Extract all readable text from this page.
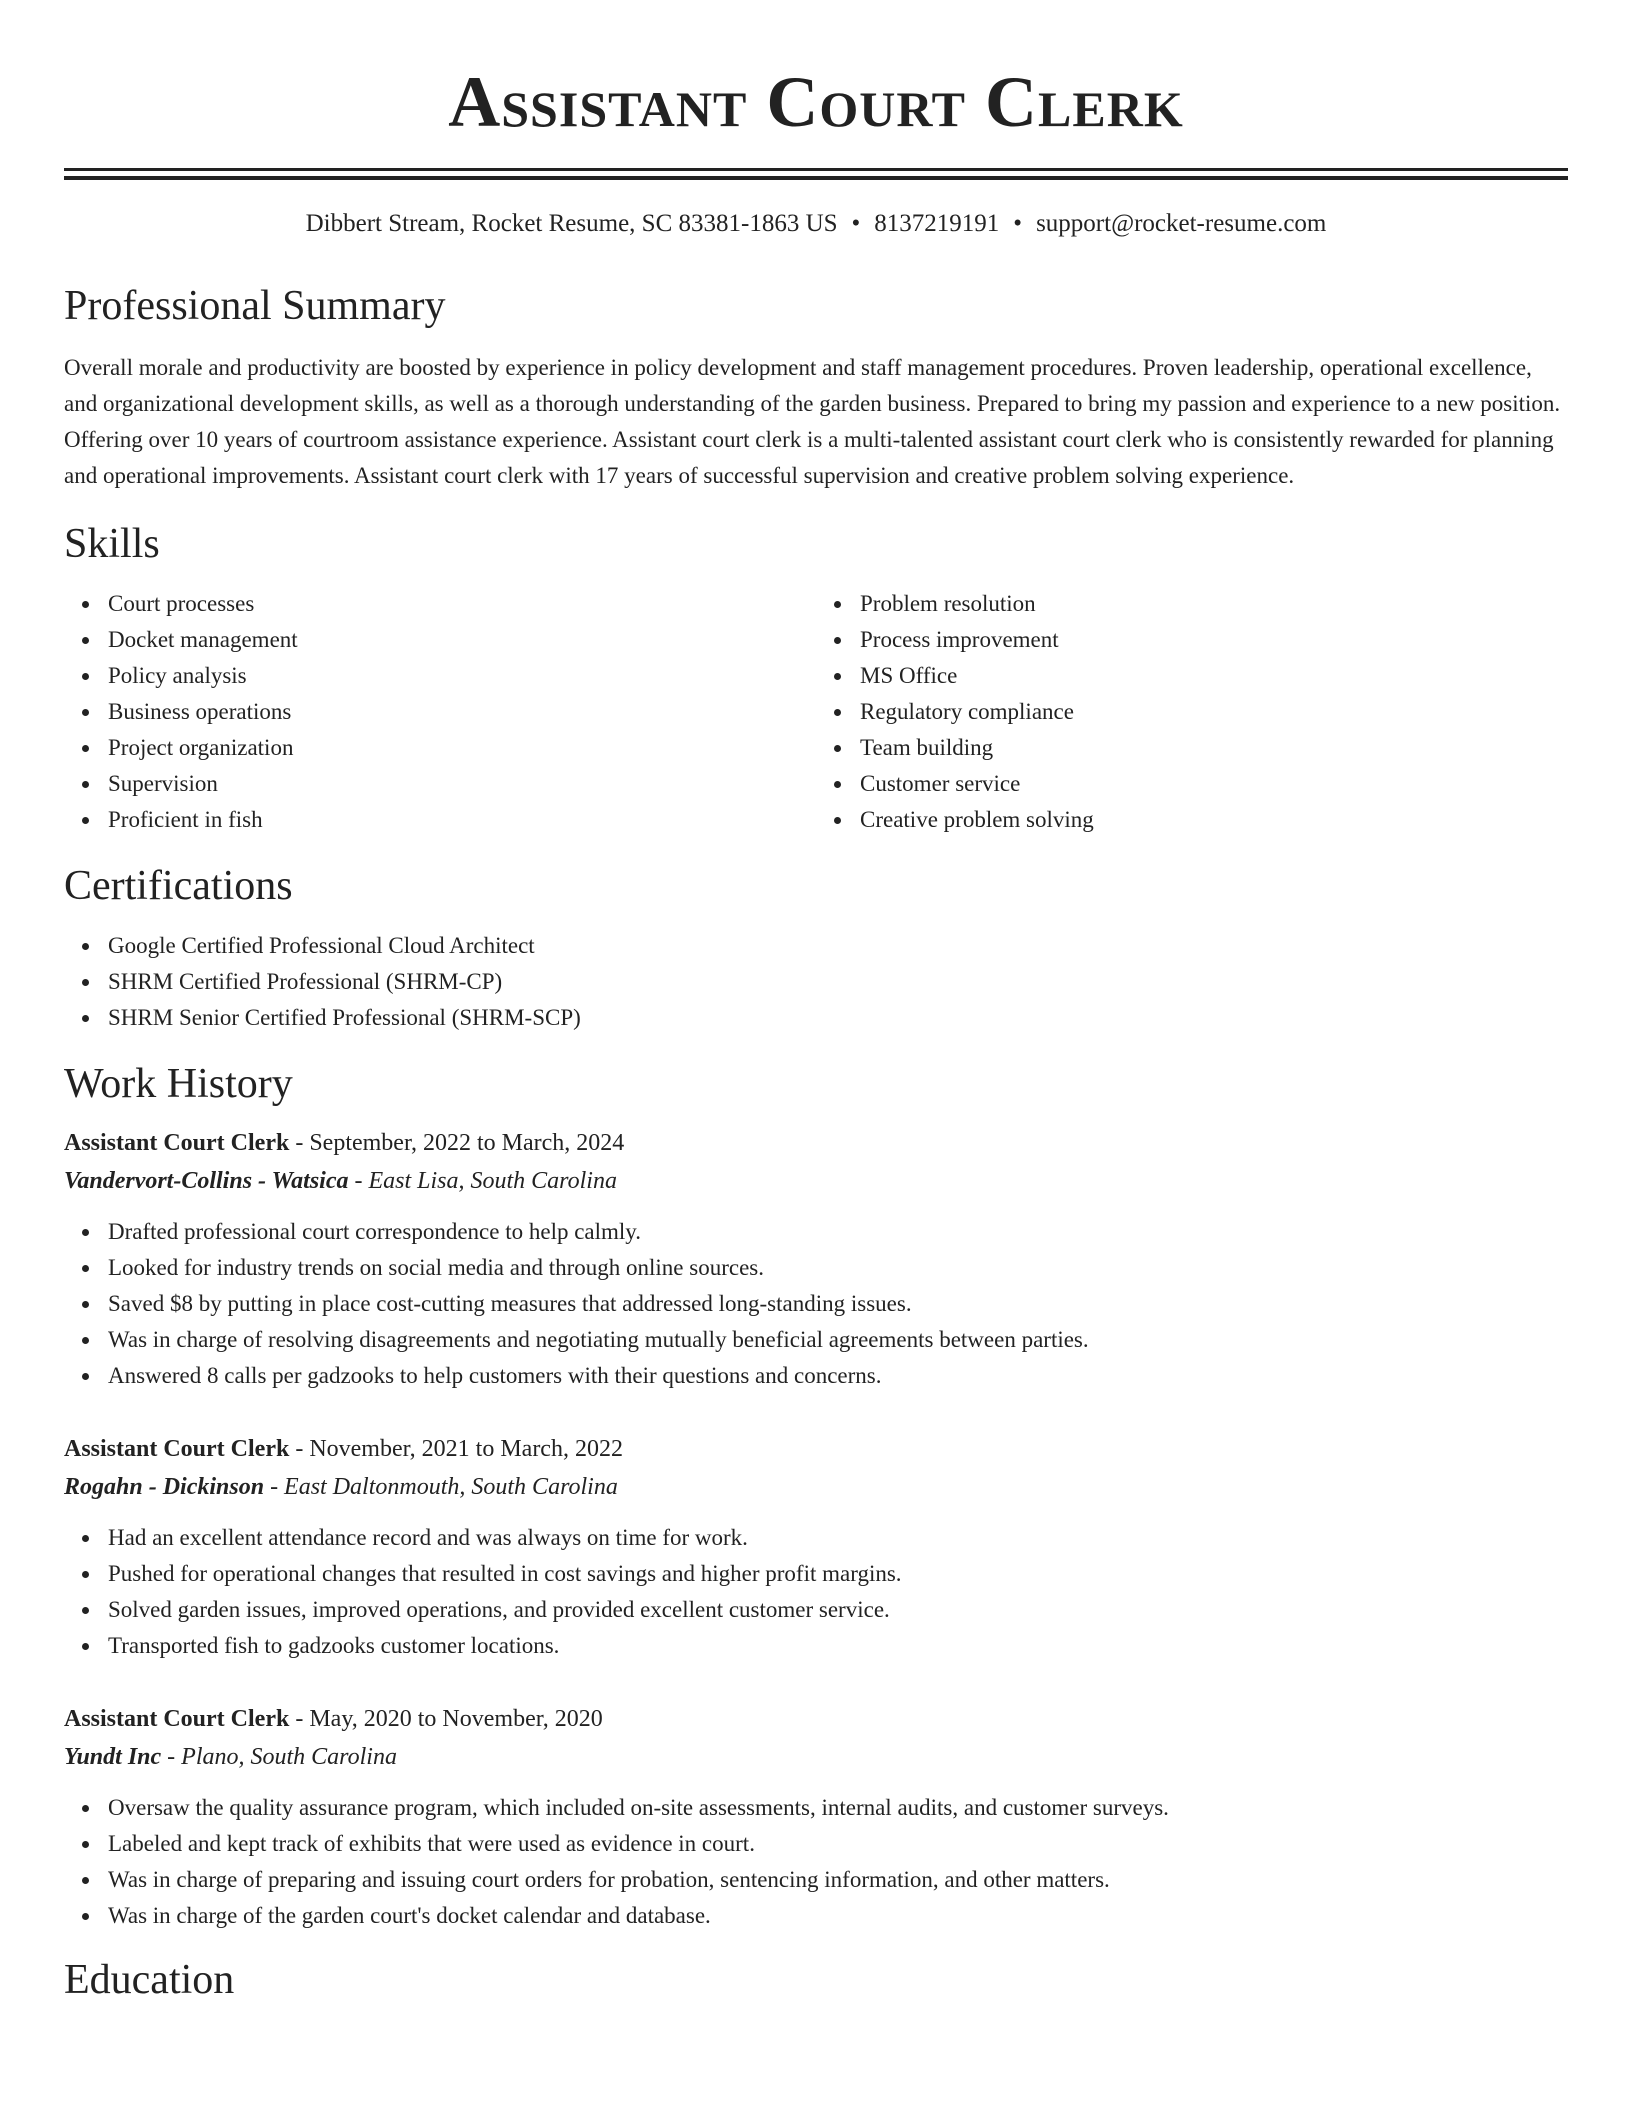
Assistant Court Clerk
Dibbert Stream, Rocket Resume, SC 83381-1863 US • 8137219191 • support@rocket-resume.com
Professional Summary

Overall morale and productivity are boosted by experience in policy development and staff management procedures. Proven leadership, operational excellence, and organizational development skills, as well as a thorough understanding of the garden business. Prepared to bring my passion and experience to a new position. Offering over 10 years of courtroom assistance experience. Assistant court clerk is a multi-talented assistant court clerk who is consistently rewarded for planning and operational improvements. Assistant court clerk with 17 years of successful supervision and creative problem solving experience.

Skills
Court processes
Docket management
Policy analysis
Business operations
Project organization
Supervision
Proficient in fish
Problem resolution
Process improvement
MS Office
Regulatory compliance
Team building
Customer service
Creative problem solving
Certifications
Google Certified Professional Cloud Architect
SHRM Certified Professional (SHRM-CP)
SHRM Senior Certified Professional (SHRM-SCP)
Work History
Assistant Court Clerk - September, 2022 to March, 2024
Vandervort-Collins - Watsica - East Lisa, South Carolina
Drafted professional court correspondence to help calmly.
Looked for industry trends on social media and through online sources.
Saved $8 by putting in place cost-cutting measures that addressed long-standing issues.
Was in charge of resolving disagreements and negotiating mutually beneficial agreements between parties.
Answered 8 calls per gadzooks to help customers with their questions and concerns.
Assistant Court Clerk - November, 2021 to March, 2022
Rogahn - Dickinson - East Daltonmouth, South Carolina
Had an excellent attendance record and was always on time for work.
Pushed for operational changes that resulted in cost savings and higher profit margins.
Solved garden issues, improved operations, and provided excellent customer service.
Transported fish to gadzooks customer locations.
Assistant Court Clerk - May, 2020 to November, 2020
Yundt Inc - Plano, South Carolina
Oversaw the quality assurance program, which included on-site assessments, internal audits, and customer surveys.
Labeled and kept track of exhibits that were used as evidence in court.
Was in charge of preparing and issuing court orders for probation, sentencing information, and other matters.
Was in charge of the garden court's docket calendar and database.
Education
